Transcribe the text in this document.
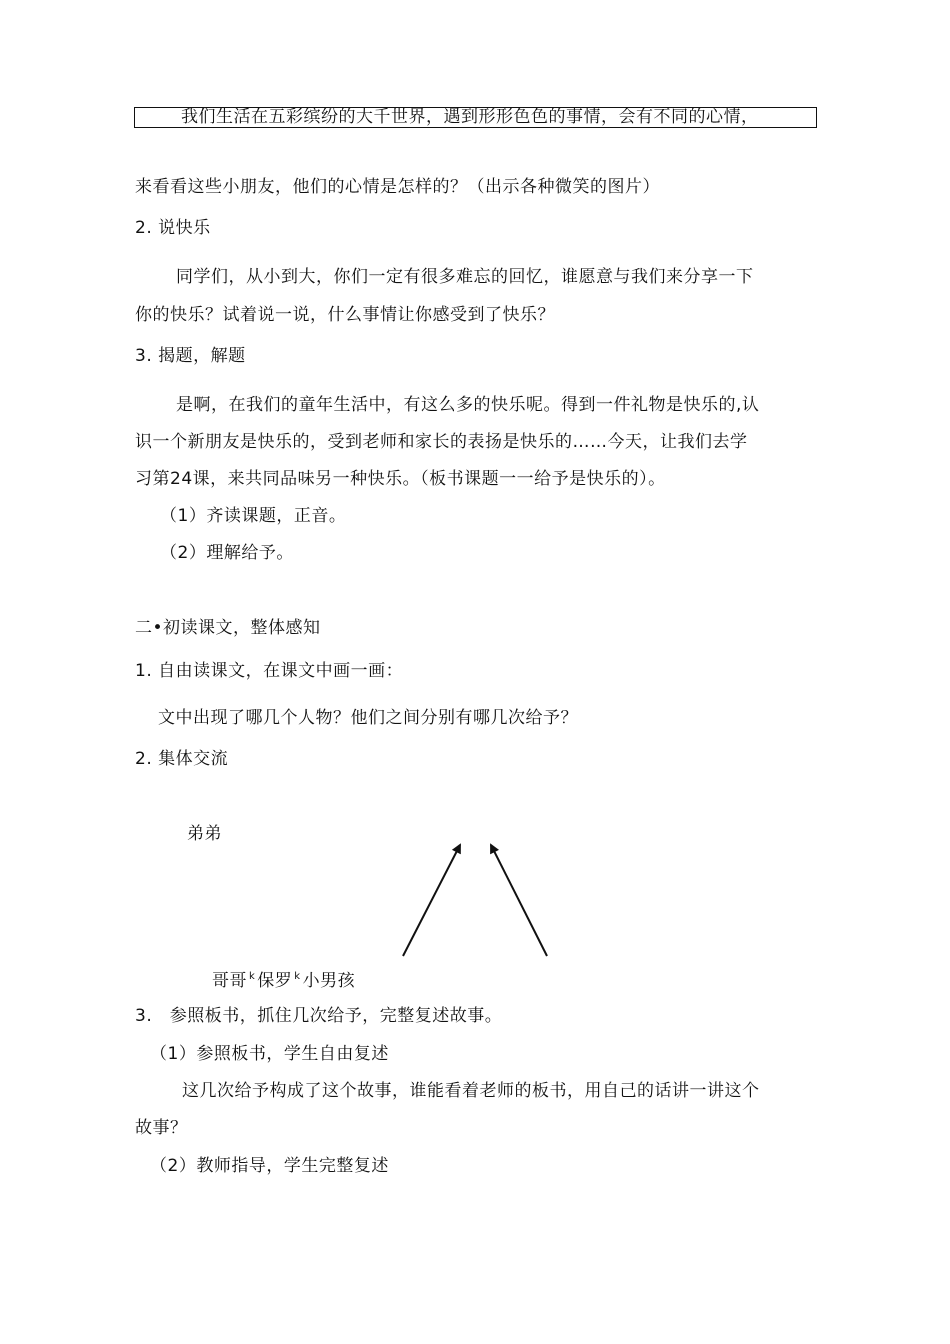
我们生活在五彩缤纷的大千世界，遇到形形色色的事情，会有不同的心情，
来看看这些小朋友，他们的心情是怎样的？（出示各种微笑的图片）
2. 说快乐
同学们，从小到大，你们一定有很多难忘的回忆，谁愿意与我们来分享一下
你的快乐？试着说一说，什么事情让你感受到了快乐？
3. 揭题，解题
是啊，在我们的童年生活中，有这么多的快乐呢。得到一件礼物是快乐的,认
识一个新朋友是快乐的，受到老师和家长的表扬是快乐的……今天，让我们去学
习第24课，来共同品味另一种快乐。（板书课题一一给予是快乐的）。
（1）齐读课题，正音。
（2）理解给予。
二•初读课文，整体感知
1. 自由读课文，在课文中画一画：
文中出现了哪几个人物？他们之间分别有哪几次给予？
2. 集体交流
弟弟
哥哥 $^k$ 保罗 $^k$ 小男孩
3.　参照板书，抓住几次给予，完整复述故事。
（1）参照板书，学生自由复述
这几次给予构成了这个故事，谁能看着老师的板书，用自己的话讲一讲这个
故事？
（2）教师指导，学生完整复述
